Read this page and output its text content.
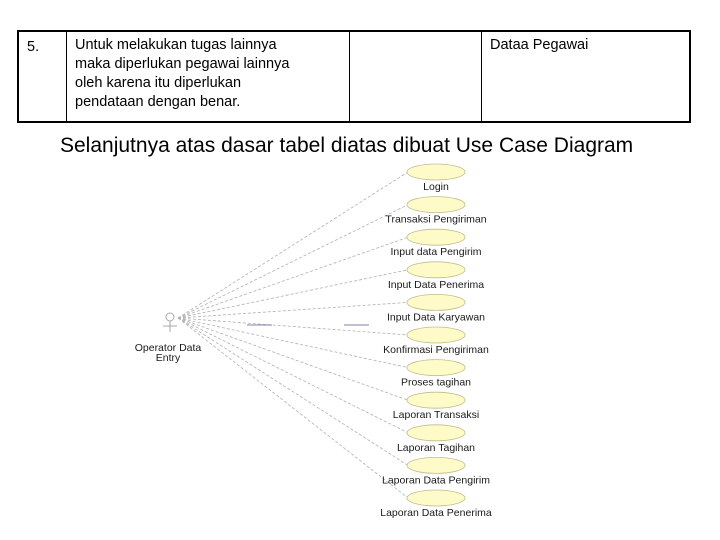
5.	Untuk melakukan tugas lainnya
maka diperlukan pegawai lainnya
oleh karena itu diperlukan
pendataan dengan benar.
Dataa Pegawai
Selanjutnya atas dasar tabel diatas dibuat Use Case Diagram
Operator Data
Entry
Login
Transaksi Pengiriman
Input data Pengirim
Input Data Penerima
Input Data Karyawan
Konfirmasi Pengiriman
Proses tagihan
Laporan Transaksi
Laporan Tagihan
Laporan Data Pengirim
Laporan Data Penerima
